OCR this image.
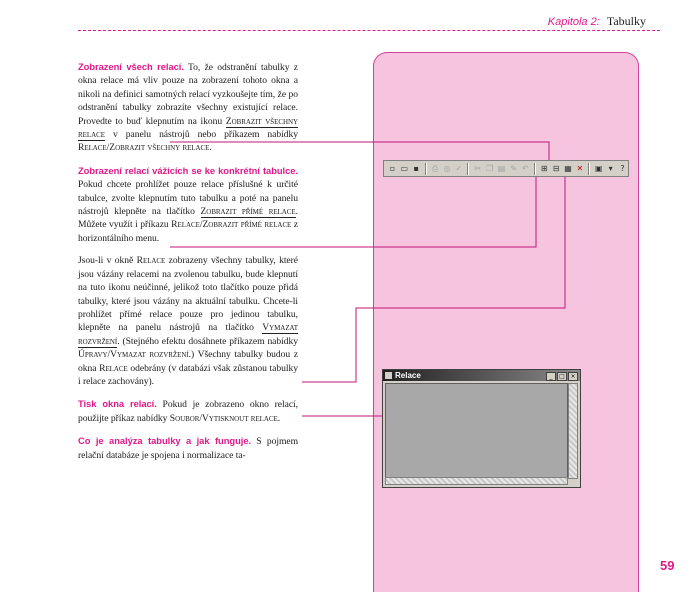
Kapitola 2: Tabulky

Zobrazení všech relací. To, že odstranění tabulky z okna relace má vliv pouze na zobrazení tohoto okna a nikoli na definici samotných relací vyzkoušejte tím, že po odstranění tabulky zobrazíte všechny existující relace. Provedte to buď klepnutím na ikonu Zobrazit všechny relace v panelu nástrojů nebo příkazem nabídky Relace/Zobrazit všechny relace.

Zobrazení relací vážících se ke konkrétní tabulce. Pokud chcete prohlížet pouze relace příslušné k určité tabulce, zvolte klepnutím tuto tabulku a poté na panelu nástrojů klepněte na tlačítko Zobrazit přímé relace. Můžete využít i příkazu Relace/Zobrazit přímé relace z horizontálního menu.

Jsou-li v okně Relace zobrazeny všechny tabulky, které jsou vázány relacemi na zvolenou tabulku, bude klepnutí na tuto ikonu neúčinné, jelikož toto tlačítko pouze přidá tabulky, které jsou vázány na aktuální tabulku. Chcete-li prohlížet přímé relace pouze pro jedinou tabulku, klepněte na panelu nástrojů na tlačítko Vymazat rozvržení. (Stejného efektu dosáhnete příkazem nabídky Úpravy/Vymazat rozvržení.) Všechny tabulky budou z okna Relace odebrány (v databázi však zůstanou tabulky i relace zachovány).

Tisk okna relací. Pokud je zobrazeno okno relací, použijte příkaz nabídky Soubor/Vytisknout relace.

Co je analýza tabulky a jak funguje. S pojmem relační databáze je spojena i normalizace ta-

▫ ▭ ▪	⎙ ◎ ✓ ✂ ❐ ▤ ✎ ↶ ⊞ ⊟ ▦ ✕ ▣ ▾ ?
Relace	_	□ ×
59
